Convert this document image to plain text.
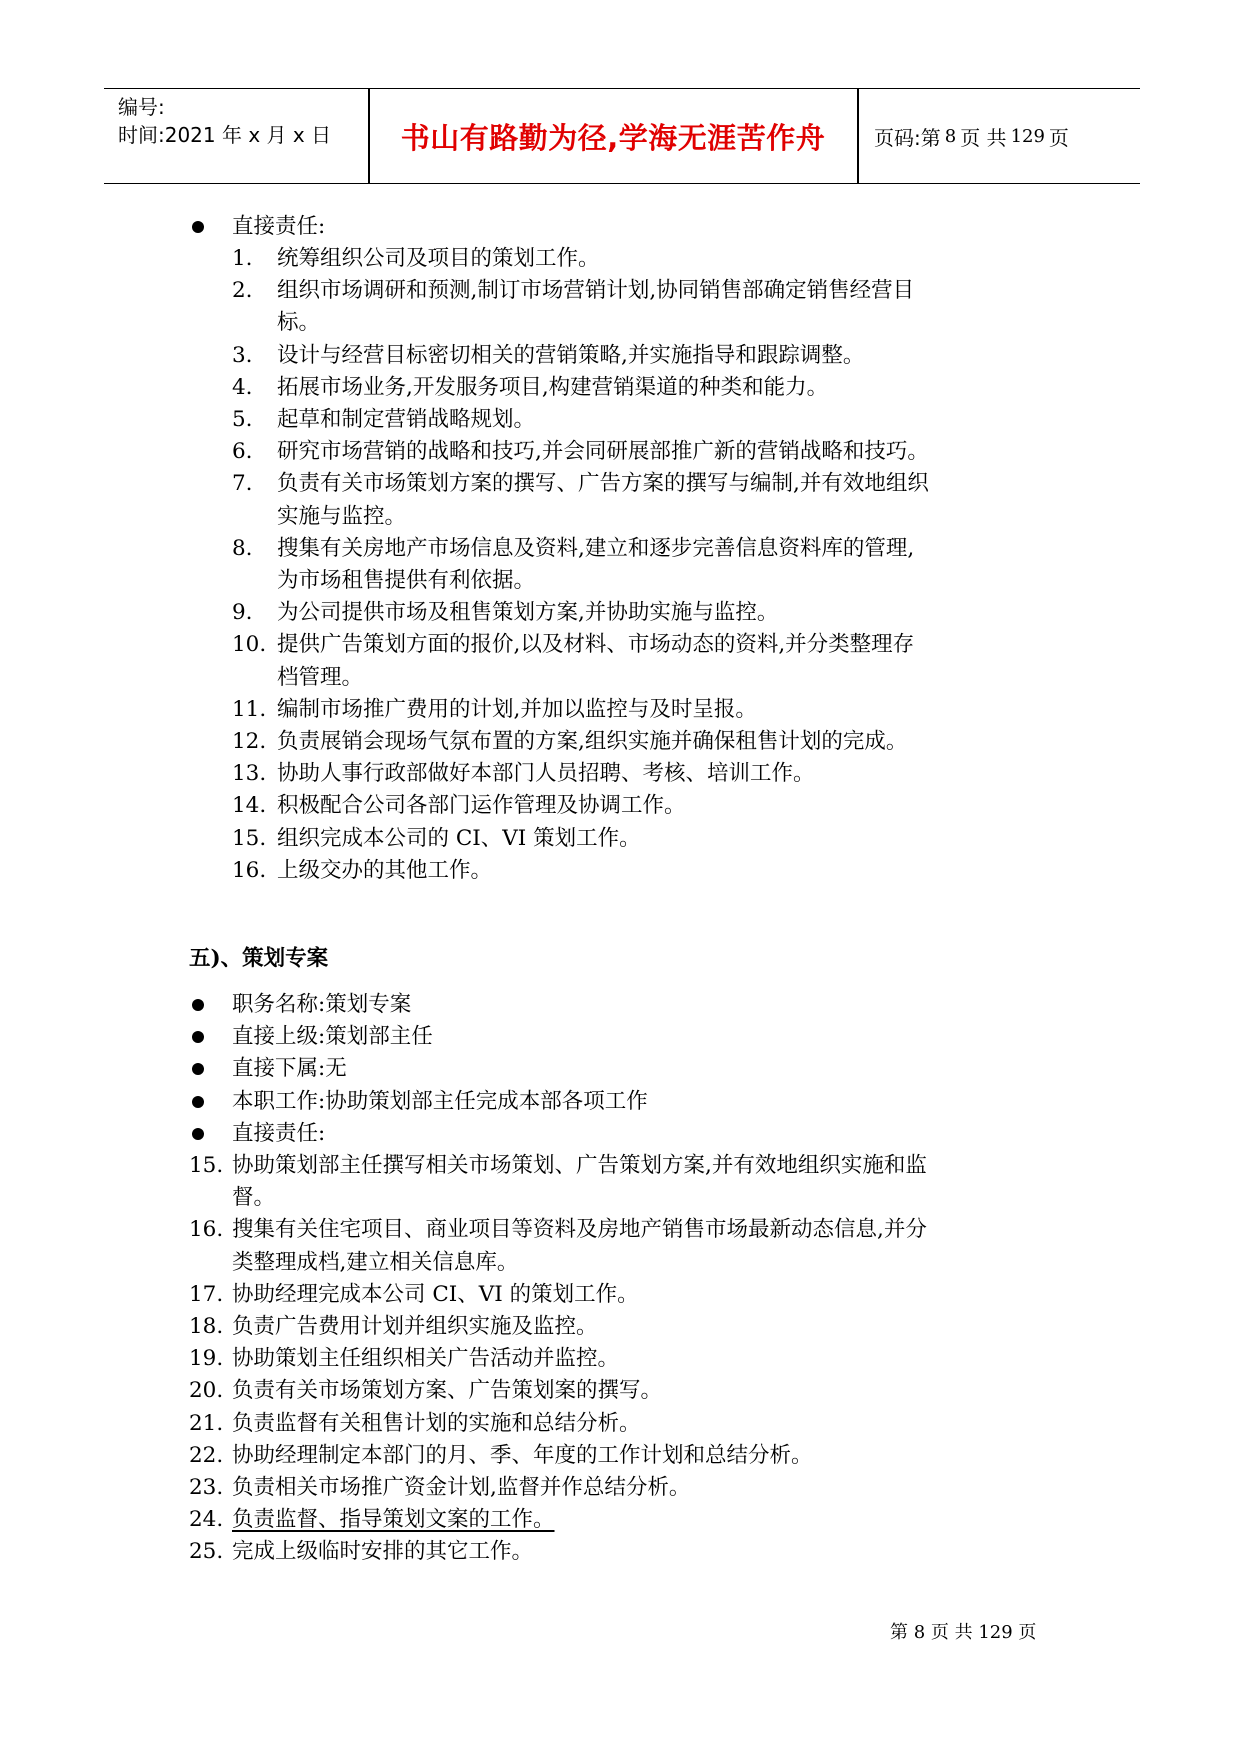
编号:
时间:2021 年 x 月 x 日	书山有路勤为径,学海无涯苦作舟	页码:第 8 页 共 129 页
直接责任:
1. 统筹组织公司及项目的策划工作。
2. 组织市场调研和预测,制订市场营销计划,协同销售部确定销售经营目
标。
3. 设计与经营目标密切相关的营销策略,并实施指导和跟踪调整。
4. 拓展市场业务,开发服务项目,构建营销渠道的种类和能力。
5. 起草和制定营销战略规划。
6. 研究市场营销的战略和技巧,并会同研展部推广新的营销战略和技巧。
7. 负责有关市场策划方案的撰写、广告方案的撰写与编制,并有效地组织
实施与监控。
8. 搜集有关房地产市场信息及资料,建立和逐步完善信息资料库的管理,
为市场租售提供有利依据。
9. 为公司提供市场及租售策划方案,并协助实施与监控。
10. 提供广告策划方面的报价,以及材料、市场动态的资料,并分类整理存
档管理。
11. 编制市场推广费用的计划,并加以监控与及时呈报。
12. 负责展销会现场气氛布置的方案,组织实施并确保租售计划的完成。
13. 协助人事行政部做好本部门人员招聘、考核、培训工作。
14. 积极配合公司各部门运作管理及协调工作。
15. 组织完成本公司的 CI、VI 策划工作。
16. 上级交办的其他工作。
五)、策划专案
职务名称:策划专案
直接上级:策划部主任
直接下属:无
本职工作:协助策划部主任完成本部各项工作
直接责任:
15. 协助策划部主任撰写相关市场策划、广告策划方案,并有效地组织实施和监
督。
16. 搜集有关住宅项目、商业项目等资料及房地产销售市场最新动态信息,并分
类整理成档,建立相关信息库。
17. 协助经理完成本公司 CI、VI 的策划工作。
18. 负责广告费用计划并组织实施及监控。
19. 协助策划主任组织相关广告活动并监控。
20. 负责有关市场策划方案、广告策划案的撰写。
21. 负责监督有关租售计划的实施和总结分析。
22. 协助经理制定本部门的月、季、年度的工作计划和总结分析。
23. 负责相关市场推广资金计划,监督并作总结分析。
24. 负责监督、指导策划文案的工作。
25. 完成上级临时安排的其它工作。
第 8 页 共 129 页
